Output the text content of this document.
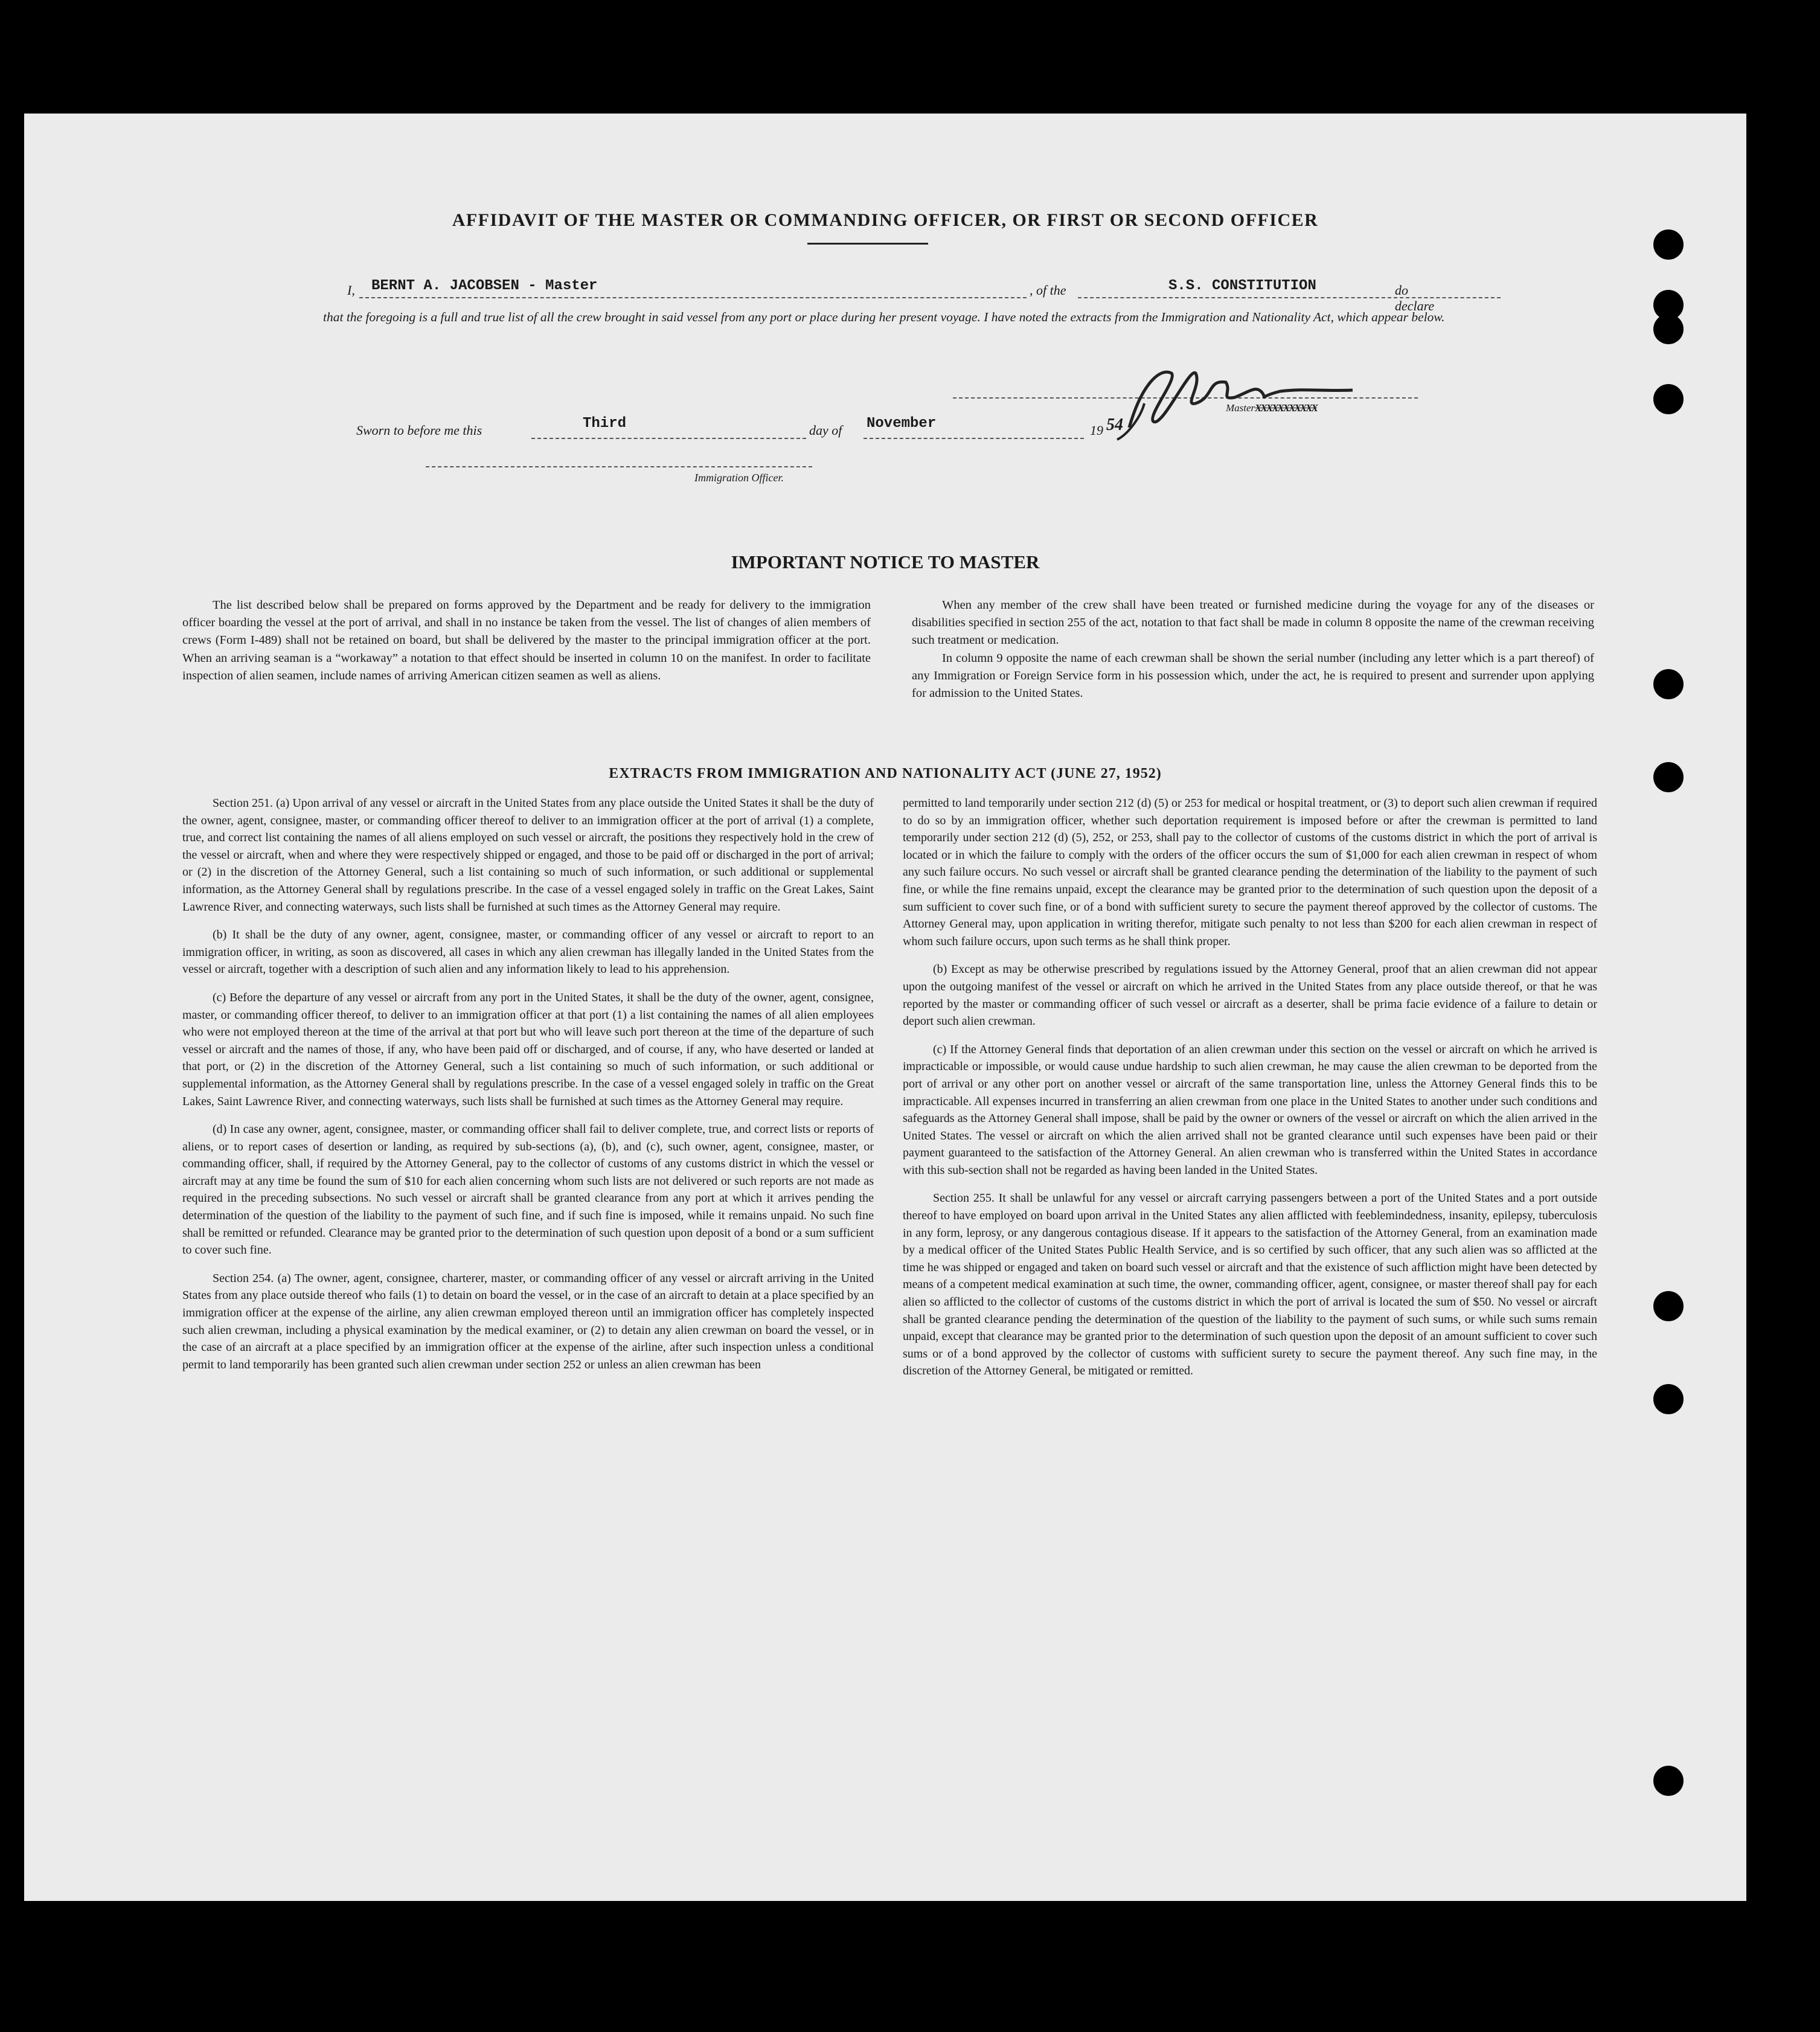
AFFIDAVIT OF THE MASTER OR COMMANDING OFFICER, OR FIRST OR SECOND OFFICER
I, BERNT A. JACOBSEN - Master	, of the	S.S. CONSTITUTION	do declare
that the foregoing is a full and true list of all the crew brought in said vessel from any port or place during her present voyage. I have noted the extracts from the Immigration and Nationality Act, which appear below.
MasterXXXXXXXXXXX
Sworn to before me this	Third	day of November	19 54
Immigration Officer.
IMPORTANT NOTICE TO MASTER

The list described below shall be prepared on forms approved by the Department and be ready for delivery to the immigration officer boarding the vessel at the port of arrival, and shall in no instance be taken from the vessel. The list of changes of alien members of crews (Form I-489) shall not be retained on board, but shall be delivered by the master to the principal immigration officer at the port. When an arriving seaman is a “workaway” a notation to that effect should be inserted in column 10 on the manifest. In order to facilitate inspection of alien seamen, include names of arriving American citizen seamen as well as aliens.

When any member of the crew shall have been treated or furnished medicine during the voyage for any of the diseases or disabilities specified in section 255 of the act, notation to that fact shall be made in column 8 opposite the name of the crewman receiving such treatment or medication.

In column 9 opposite the name of each crewman shall be shown the serial number (including any letter which is a part thereof) of any Immigration or Foreign Service form in his possession which, under the act, he is required to present and surrender upon applying for admission to the United States.

EXTRACTS FROM IMMIGRATION AND NATIONALITY ACT (JUNE 27, 1952)

Section 251. (a) Upon arrival of any vessel or aircraft in the United States from any place outside the United States it shall be the duty of the owner, agent, consignee, master, or commanding officer thereof to deliver to an immigration officer at the port of arrival (1) a complete, true, and correct list containing the names of all aliens employed on such vessel or aircraft, the positions they respectively hold in the crew of the vessel or aircraft, when and where they were respectively shipped or engaged, and those to be paid off or discharged in the port of arrival; or (2) in the discretion of the Attorney General, such a list containing so much of such information, or such additional or supplemental information, as the Attorney General shall by regulations prescribe. In the case of a vessel engaged solely in traffic on the Great Lakes, Saint Lawrence River, and connecting waterways, such lists shall be furnished at such times as the Attorney General may require.

(b) It shall be the duty of any owner, agent, consignee, master, or commanding officer of any vessel or aircraft to report to an immigration officer, in writing, as soon as discovered, all cases in which any alien crewman has illegally landed in the United States from the vessel or aircraft, together with a description of such alien and any information likely to lead to his apprehension.

(c) Before the departure of any vessel or aircraft from any port in the United States, it shall be the duty of the owner, agent, consignee, master, or commanding officer thereof, to deliver to an immigration officer at that port (1) a list containing the names of all alien employees who were not employed thereon at the time of the arrival at that port but who will leave such port thereon at the time of the departure of such vessel or aircraft and the names of those, if any, who have been paid off or discharged, and of course, if any, who have deserted or landed at that port, or (2) in the discretion of the Attorney General, such a list containing so much of such information, or such additional or supplemental information, as the Attorney General shall by regulations prescribe. In the case of a vessel engaged solely in traffic on the Great Lakes, Saint Lawrence River, and connecting waterways, such lists shall be furnished at such times as the Attorney General may require.

(d) In case any owner, agent, consignee, master, or commanding officer shall fail to deliver complete, true, and correct lists or reports of aliens, or to report cases of desertion or landing, as required by sub-sections (a), (b), and (c), such owner, agent, consignee, master, or commanding officer, shall, if required by the Attorney General, pay to the collector of customs of any customs district in which the vessel or aircraft may at any time be found the sum of $10 for each alien concerning whom such lists are not delivered or such reports are not made as required in the preceding subsections. No such vessel or aircraft shall be granted clearance from any port at which it arrives pending the determination of the question of the liability to the payment of such fine, and if such fine is imposed, while it remains unpaid. No such fine shall be remitted or refunded. Clearance may be granted prior to the determination of such question upon deposit of a bond or a sum sufficient to cover such fine.

Section 254. (a) The owner, agent, consignee, charterer, master, or commanding officer of any vessel or aircraft arriving in the United States from any place outside thereof who fails (1) to detain on board the vessel, or in the case of an aircraft to detain at a place specified by an immigration officer at the expense of the airline, any alien crewman employed thereon until an immigration officer has completely inspected such alien crewman, including a physical examination by the medical examiner, or (2) to detain any alien crewman on board the vessel, or in the case of an aircraft at a place specified by an immigration officer at the expense of the airline, after such inspection unless a conditional permit to land temporarily has been granted such alien crewman under section 252 or unless an alien crewman has been

permitted to land temporarily under section 212 (d) (5) or 253 for medical or hospital treatment, or (3) to deport such alien crewman if required to do so by an immigration officer, whether such deportation requirement is imposed before or after the crewman is permitted to land temporarily under section 212 (d) (5), 252, or 253, shall pay to the collector of customs of the customs district in which the port of arrival is located or in which the failure to comply with the orders of the officer occurs the sum of $1,000 for each alien crewman in respect of whom any such failure occurs. No such vessel or aircraft shall be granted clearance pending the determination of the liability to the payment of such fine, or while the fine remains unpaid, except the clearance may be granted prior to the determination of such question upon the deposit of a sum sufficient to cover such fine, or of a bond with sufficient surety to secure the payment thereof approved by the collector of customs. The Attorney General may, upon application in writing therefor, mitigate such penalty to not less than $200 for each alien crewman in respect of whom such failure occurs, upon such terms as he shall think proper.

(b) Except as may be otherwise prescribed by regulations issued by the Attorney General, proof that an alien crewman did not appear upon the outgoing manifest of the vessel or aircraft on which he arrived in the United States from any place outside thereof, or that he was reported by the master or commanding officer of such vessel or aircraft as a deserter, shall be prima facie evidence of a failure to detain or deport such alien crewman.

(c) If the Attorney General finds that deportation of an alien crewman under this section on the vessel or aircraft on which he arrived is impracticable or impossible, or would cause undue hardship to such alien crewman, he may cause the alien crewman to be deported from the port of arrival or any other port on another vessel or aircraft of the same transportation line, unless the Attorney General finds this to be impracticable. All expenses incurred in transferring an alien crewman from one place in the United States to another under such conditions and safeguards as the Attorney General shall impose, shall be paid by the owner or owners of the vessel or aircraft on which the alien arrived in the United States. The vessel or aircraft on which the alien arrived shall not be granted clearance until such expenses have been paid or their payment guaranteed to the satisfaction of the Attorney General. An alien crewman who is transferred within the United States in accordance with this sub-section shall not be regarded as having been landed in the United States.

Section 255. It shall be unlawful for any vessel or aircraft carrying passengers between a port of the United States and a port outside thereof to have employed on board upon arrival in the United States any alien afflicted with feeblemindedness, insanity, epilepsy, tuberculosis in any form, leprosy, or any dangerous contagious disease. If it appears to the satisfaction of the Attorney General, from an examination made by a medical officer of the United States Public Health Service, and is so certified by such officer, that any such alien was so afflicted at the time he was shipped or engaged and taken on board such vessel or aircraft and that the existence of such affliction might have been detected by means of a competent medical examination at such time, the owner, commanding officer, agent, consignee, or master thereof shall pay for each alien so afflicted to the collector of customs of the customs district in which the port of arrival is located the sum of $50. No vessel or aircraft shall be granted clearance pending the determination of the question of the liability to the payment of such sums, or while such sums remain unpaid, except that clearance may be granted prior to the determination of such question upon the deposit of an amount sufficient to cover such sums or of a bond approved by the collector of customs with sufficient surety to secure the payment thereof. Any such fine may, in the discretion of the Attorney General, be mitigated or remitted.
